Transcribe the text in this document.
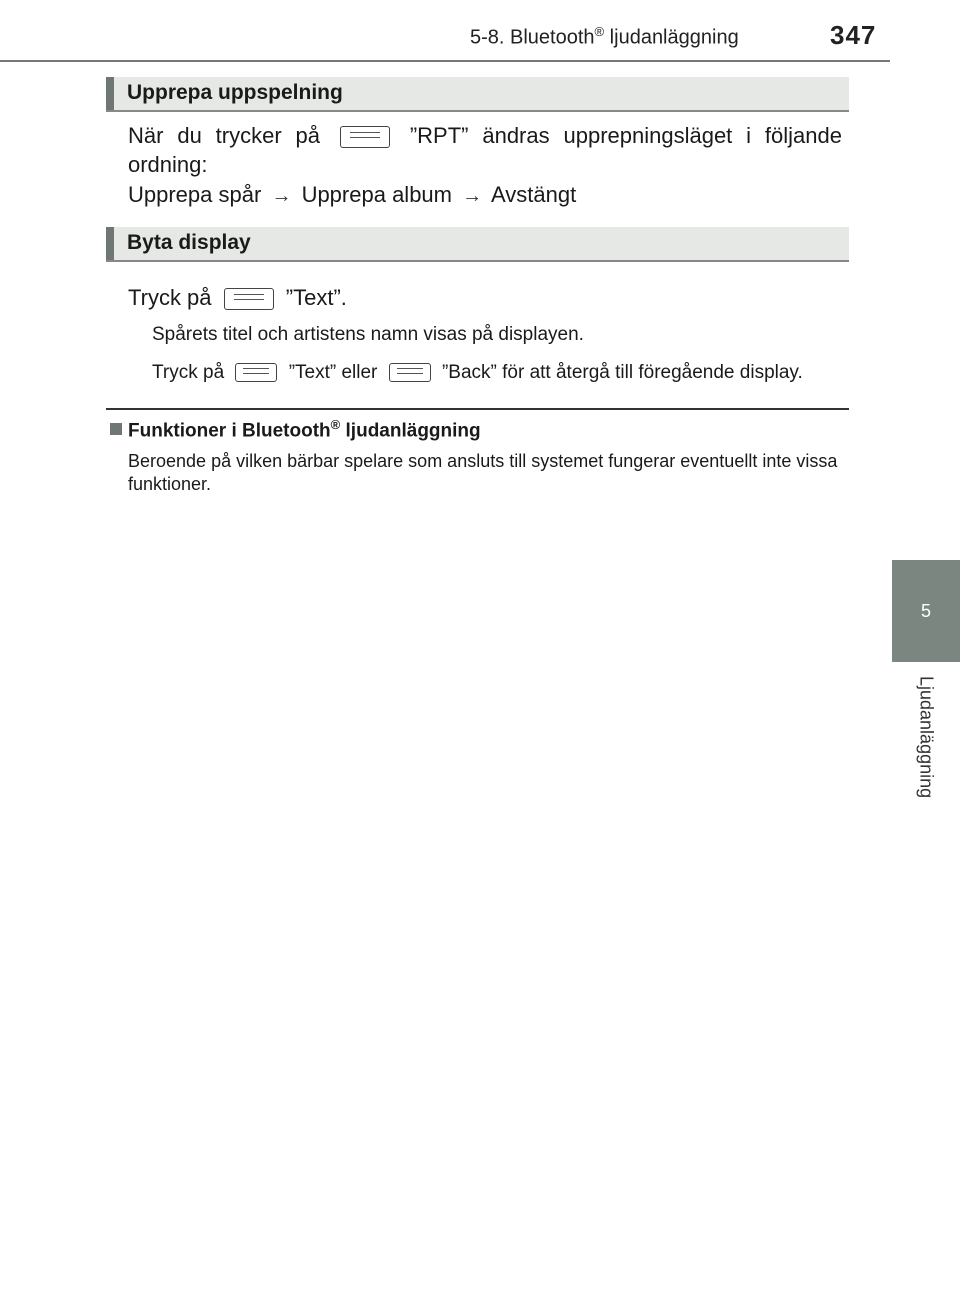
5-8. Bluetooth® ljudanläggning	347
5
Ljudanläggning
Upprepa uppspelning
När du trycker på	”RPT” ändras upprepningsläget i följande
ordning:
Upprepa spår → Upprepa album → Avstängt
Byta display
Tryck på	”Text”.
Spårets titel och artistens namn visas på displayen.
Tryck på	”Text” eller	”Back” för att återgå till föregående display.
Funktioner i Bluetooth® ljudanläggning
Beroende på vilken bärbar spelare som ansluts till systemet fungerar eventuellt inte vissa funktioner.
